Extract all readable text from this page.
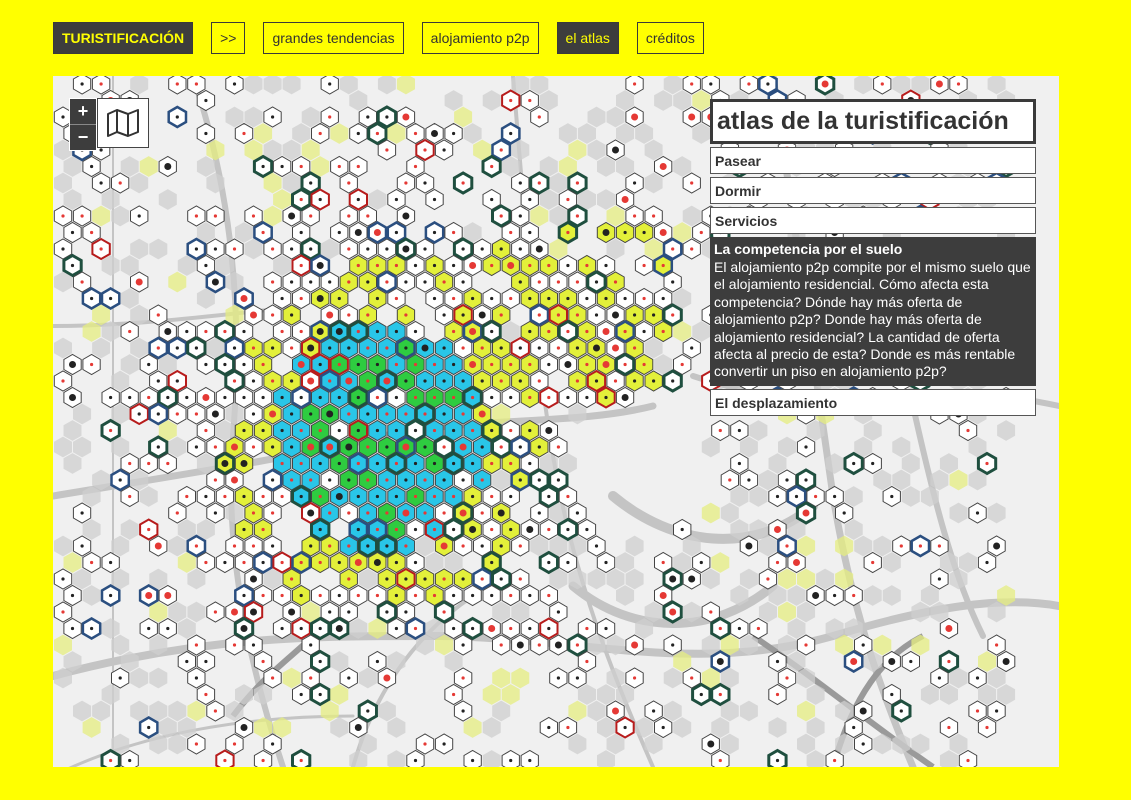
TURISTIFICACIÓN	>>	grandes tendencias	alojamiento p2p	el atlas	créditos
+
−
atlas de la turistificación
Pasear
Dormir
Servicios
La competencia por el suelo

El alojamiento p2p compite por el mismo suelo que el alojamiento residencial. Cómo afecta esta competencia? Dónde hay más oferta de alojamiento p2p? Donde hay más oferta de alojamiento residencial? La cantidad de oferta afecta al precio de esta? Donde es más rentable convertir un piso en alojamiento p2p?

El desplazamiento
